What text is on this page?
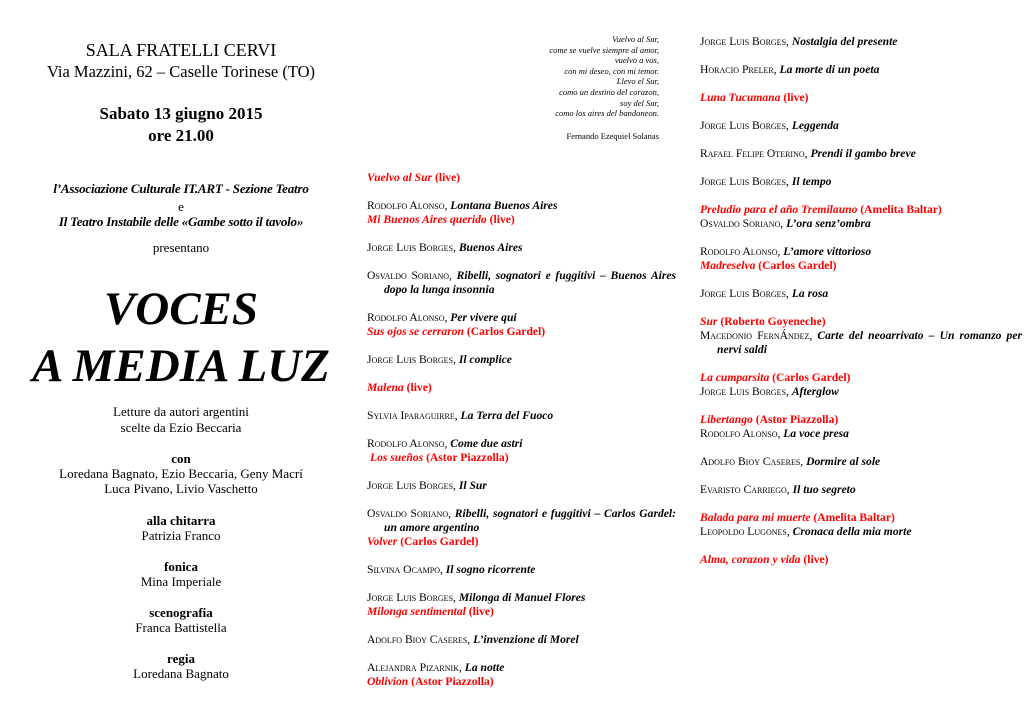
SALA FRATELLI CERVI
Via Mazzini, 62 – Caselle Torinese (TO)
Sabato 13 giugno 2015
ore 21.00
l’Associazione Culturale IT.ART - Sezione Teatro
e
Il Teatro Instabile delle «Gambe sotto il tavolo»
presentano
VOCES
A MEDIA LUZ
Letture da autori argentini
scelte da Ezio Beccaria
con
Loredana Bagnato, Ezio Beccaria, Geny Macrí
Luca Pivano, Livio Vaschetto
alla chitarra
Patrizia Franco
fonica
Mina Imperiale
scenografia
Franca Battistella
regia
Loredana Bagnato
Vuelvo al Sur,
come se vuelve siempre al amor,
vuelvo a vos,
con mi deseo, con mi temor.
Llevo el Sur,
como un destino del corazon,
soy del Sur,
como los aires del bandoneon.
Fernando Ezequiel Solanas
Vuelvo al Sur (live)
Rodolfo Alonso, Lontana Buenos Aires
Mi Buenos Aires querido (live)
Jorge Luis Borges, Buenos Aires
Osvaldo Soriano, Ribelli, sognatori e fuggitivi – Buenos Aires dopo la lunga insonnia
Rodolfo Alonso, Per vivere qui
Sus ojos se cerraron (Carlos Gardel)
Jorge Luis Borges, Il complice
Malena (live)
Sylvia Iparaguirre, La Terra del Fuoco
Rodolfo Alonso, Come due astri
Los sueños (Astor Piazzolla)
Jorge Luis Borges, Il Sur
Osvaldo Soriano, Ribelli, sognatori e fuggitivi – Carlos Gardel: un amore argentino
Volver (Carlos Gardel)
Silvina Ocampo, Il sogno ricorrente
Jorge Luis Borges, Milonga di Manuel Flores
Milonga sentimental (live)
Adolfo Bioy Caseres, L’invenzione di Morel
Alejandra Pizarnik, La notte
Oblivion (Astor Piazzolla)
Jorge Luis Borges, Nostalgia del presente
Horacio Preler, La morte di un poeta
Luna Tucumana (live)
Jorge Luis Borges, Leggenda
Rafael Felipe Oterino, Prendi il gambo breve
Jorge Luis Borges, Il tempo
Preludio para el año Tremilauno (Amelita Baltar)
Osvaldo Soriano, L’ora senz’ombra
Rodolfo Alonso, L’amore vittorioso
Madreselva (Carlos Gardel)
Jorge Luis Borges, La rosa
Sur (Roberto Goyeneche)
Macedonio FernÁndez, Carte del neoarrivato – Un romanzo per nervi saldi
La cumparsita (Carlos Gardel)
Jorge Luis Borges, Afterglow
Libertango (Astor Piazzolla)
Rodolfo Alonso, La voce presa
Adolfo Bioy Caseres, Dormire al sole
Evaristo Carriego, Il tuo segreto
Balada para mi muerte (Amelita Baltar)
Leopoldo Lugones, Cronaca della mia morte
Alma, corazon y vida (live)
